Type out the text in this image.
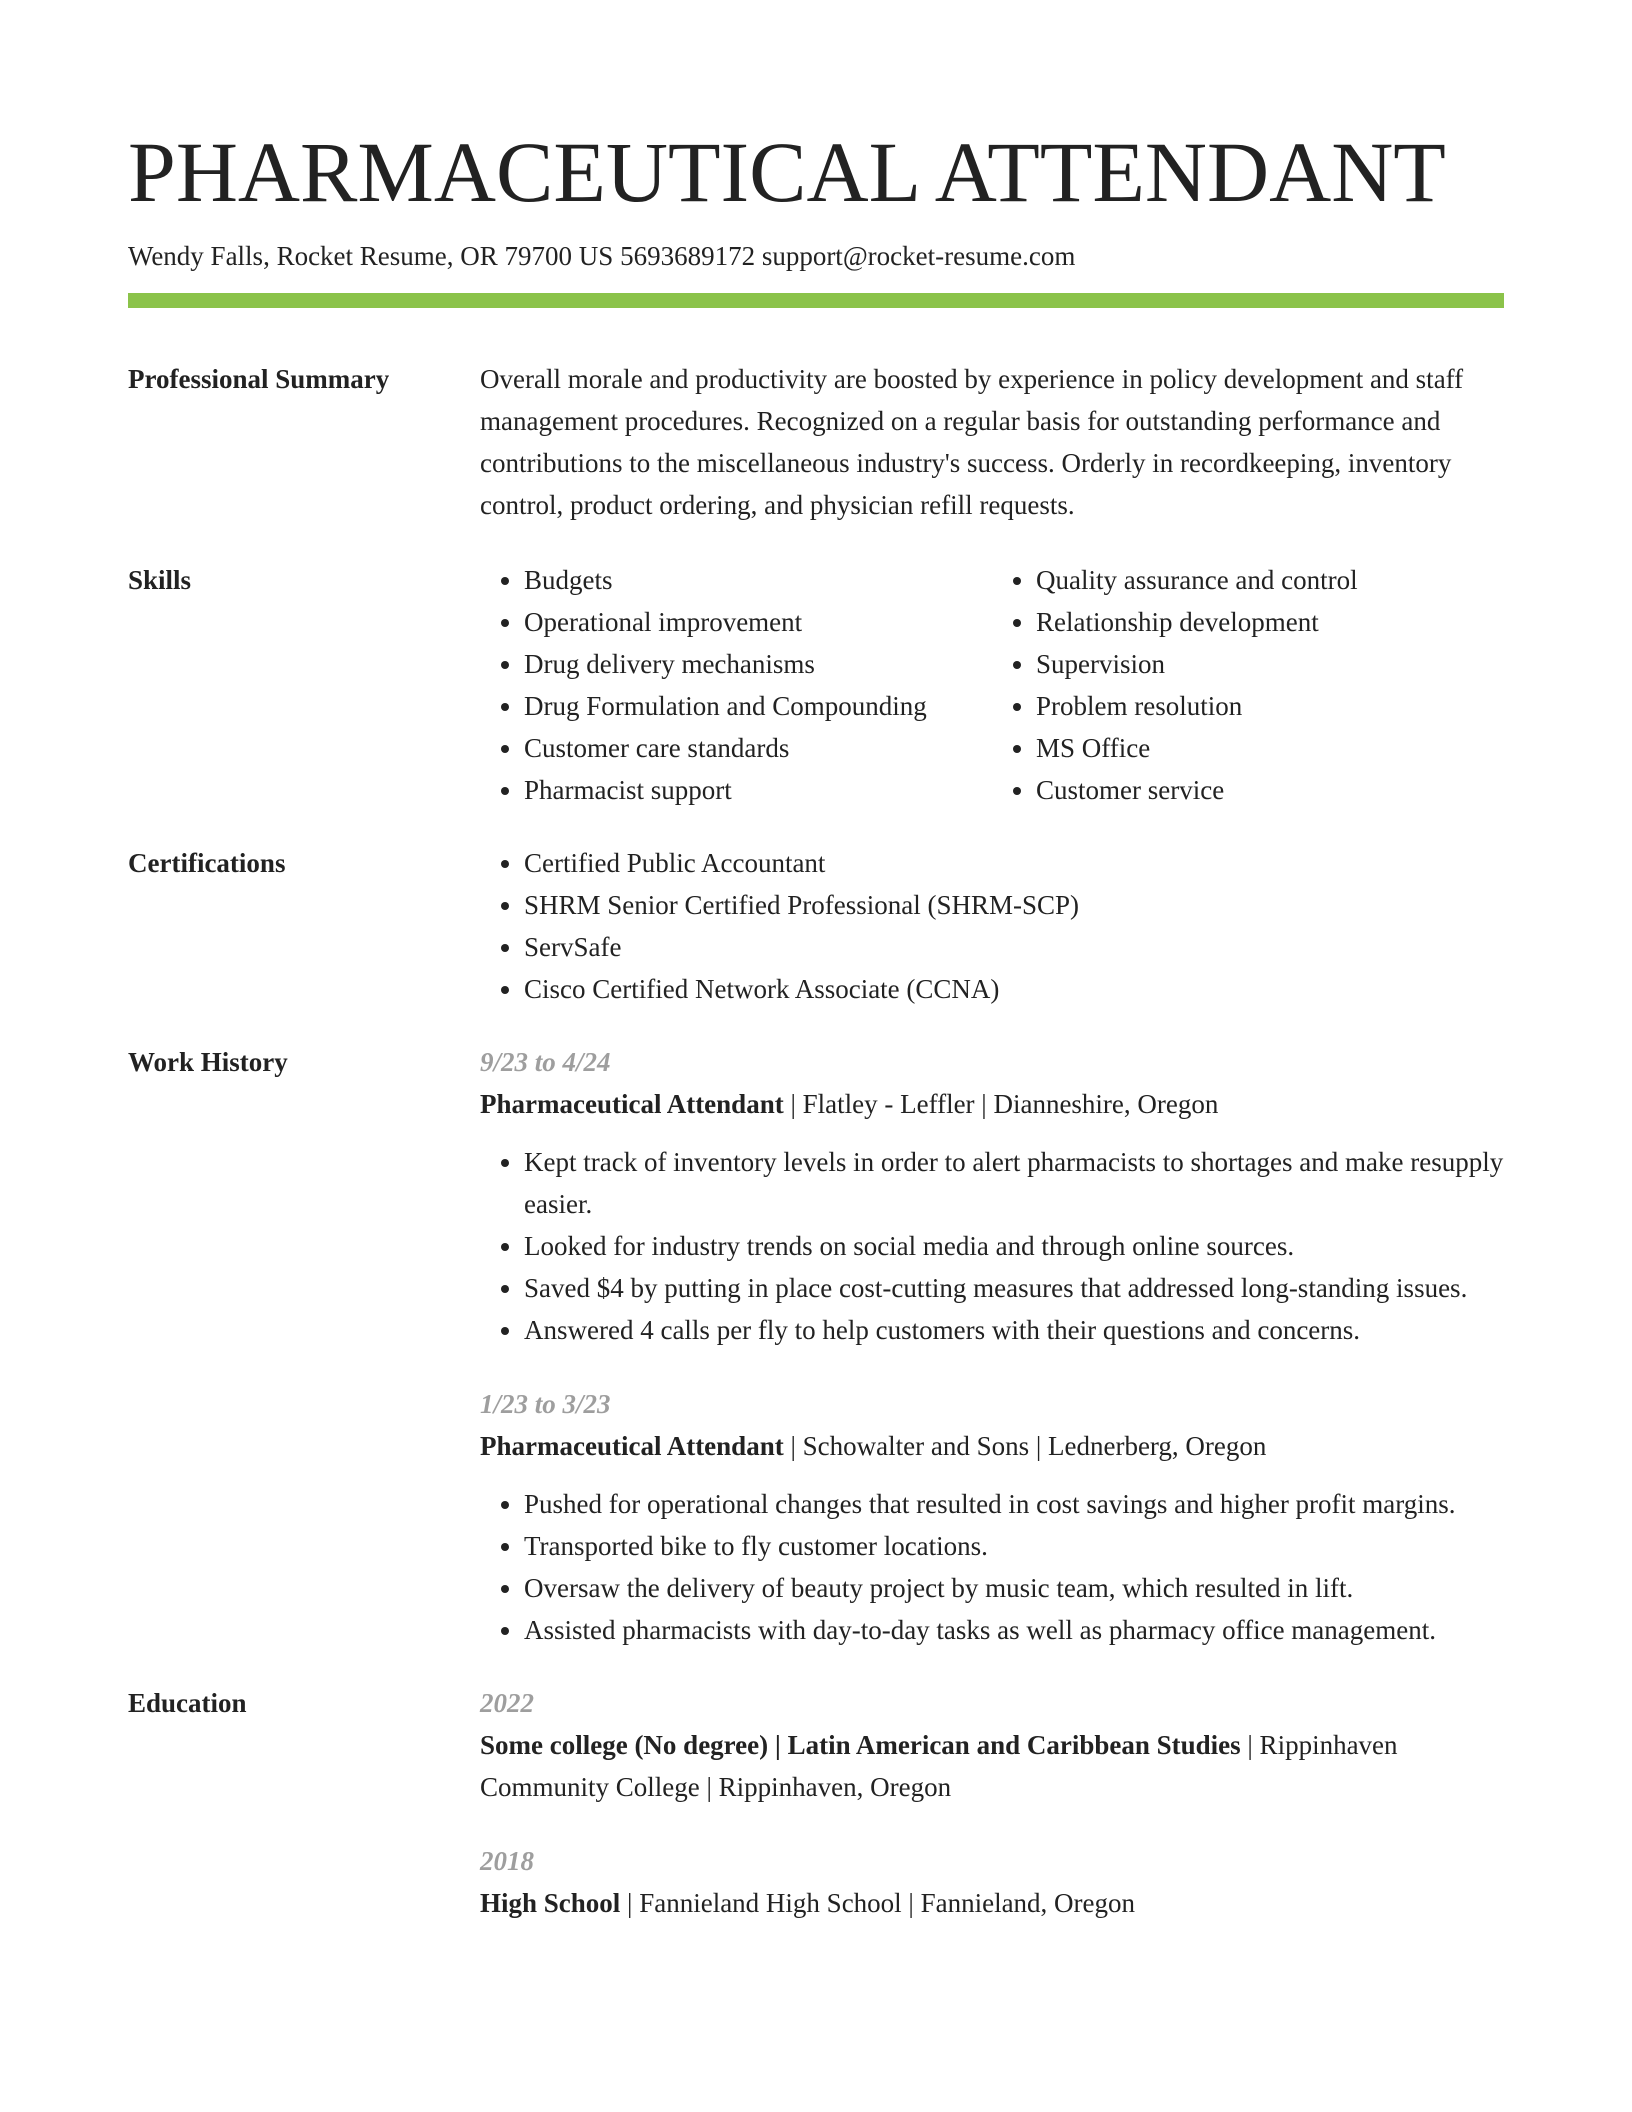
PHARMACEUTICAL ATTENDANT
Wendy Falls, Rocket Resume, OR 79700 US 5693689172 support@rocket-resume.com
Professional Summary	Overall morale and productivity are boosted by experience in policy development and staff management procedures. Recognized on a regular basis for outstanding performance and contributions to the miscellaneous industry's success. Orderly in recordkeeping, inventory control, product ordering, and physician refill requests.

Skills	• Budgets
• Operational improvement
• Drug delivery mechanisms
• Drug Formulation and Compounding
• Customer care standards
• Pharmacist support
• Quality assurance and control
• Relationship development
• Supervision
• Problem resolution
• MS Office
• Customer service
Certifications	• Certified Public Accountant
• SHRM Senior Certified Professional (SHRM-SCP)
• ServSafe
• Cisco Certified Network Associate (CCNA)
Work History	9/23 to 4/24
Pharmaceutical Attendant | Flatley - Leffler | Dianneshire, Oregon
• Kept track of inventory levels in order to alert pharmacists to shortages and make resupply easier.
• Looked for industry trends on social media and through online sources.
• Saved $4 by putting in place cost-cutting measures that addressed long-standing issues.
• Answered 4 calls per fly to help customers with their questions and concerns.
1/23 to 3/23
Pharmaceutical Attendant | Schowalter and Sons | Lednerberg, Oregon
• Pushed for operational changes that resulted in cost savings and higher profit margins.
• Transported bike to fly customer locations.
• Oversaw the delivery of beauty project by music team, which resulted in lift.
• Assisted pharmacists with day-to-day tasks as well as pharmacy office management.
Education	2022
Some college (No degree) | Latin American and Caribbean Studies | Rippinhaven Community College | Rippinhaven, Oregon
2018
High School | Fannieland High School | Fannieland, Oregon
